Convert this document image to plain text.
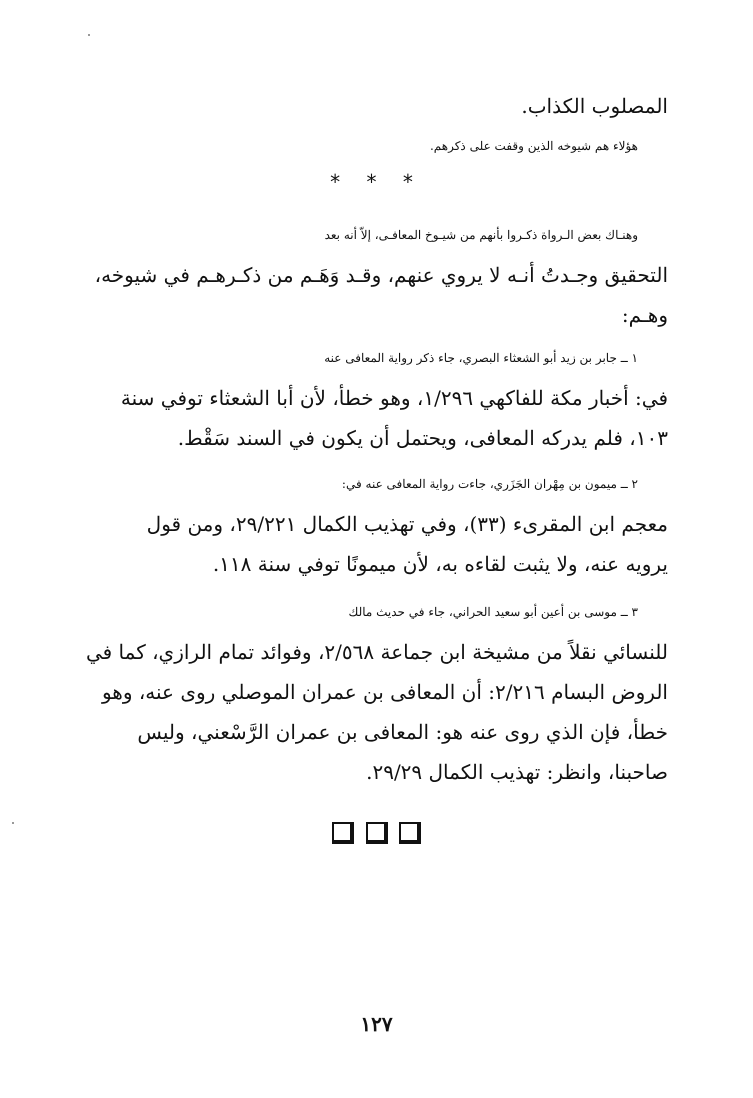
المصلوب الكذاب.
هؤلاء هم شيوخه الذين وقفت على ذكرهم.
* * *
وهنـاك بعض الـرواة ذكـروا بأنهم من شيـوخ المعافـى، إلاّ أنه بعد
التحقيق وجـدتُ أنـه لا يروي عنهم، وقـد وَهَـم من ذكـرهـم في شيوخه،
وهـم:
١ ــ جابر بن زيد أبو الشعثاء البصري، جاء ذكر رواية المعافى عنه
في: أخبار مكة للفاكهي ١/٢٩٦، وهو خطأ، لأن أبا الشعثاء توفي سنة
١٠٣، فلم يدركه المعافى، ويحتمل أن يكون في السند سَقْط.
٢ ــ ميمون بن مِهْران الجَزَري، جاءت رواية المعافى عنه في:
معجم ابن المقرىء (٣٣)، وفي تهذيب الكمال ٢٩/٢٢١، ومن قول
يرويه عنه، ولا يثبت لقاءه به، لأن ميمونًا توفي سنة ١١٨.
٣ ــ موسى بن أعين أبو سعيد الحراني، جاء في حديث مالك
للنسائي نقلاً من مشيخة ابن جماعة ٢/٥٦٨، وفوائد تمام الرازي، كما في
الروض البسام ٢/٢١٦: أن المعافى بن عمران الموصلي روى عنه، وهو
خطأ، فإن الذي روى عنه هو: المعافى بن عمران الرَّسْعني، وليس
صاحبنا، وانظر: تهذيب الكمال ٢٩/٢٩.

١٢٧
